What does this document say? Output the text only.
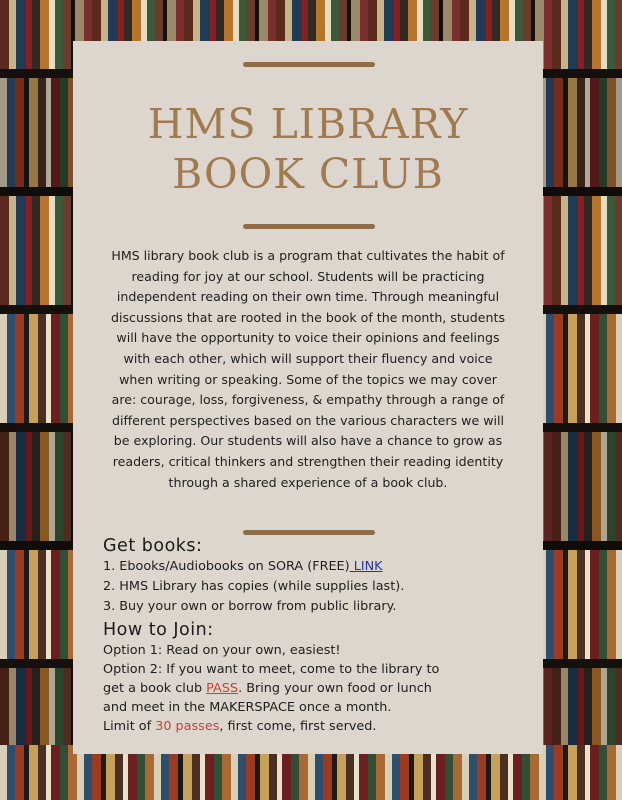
HMS LIBRARY
BOOK CLUB
HMS library book club is a program that cultivates the habit of reading for joy at our school. Students will be practicing independent reading on their own time. Through meaningful discussions that are rooted in the book of the month, students will have the opportunity to voice their opinions and feelings with each other, which will support their fluency and voice when writing or speaking. Some of the topics we may cover are: courage, loss, forgiveness, & empathy through a range of different perspectives based on the various characters we will be exploring. Our students will also have a chance to grow as readers, critical thinkers and strengthen their reading identity through a shared experience of a book club.
Get books:
1. Ebooks/Audiobooks on SORA (FREE) LINK
2. HMS Library has copies (while supplies last).
3. Buy your own or borrow from public library.
How to Join:
Option 1: Read on your own, easiest!
Option 2: If you want to meet, come to the library to
get a book club PASS. Bring your own food or lunch
and meet in the MAKERSPACE once a month.
Limit of 30 passes, first come, first served.
